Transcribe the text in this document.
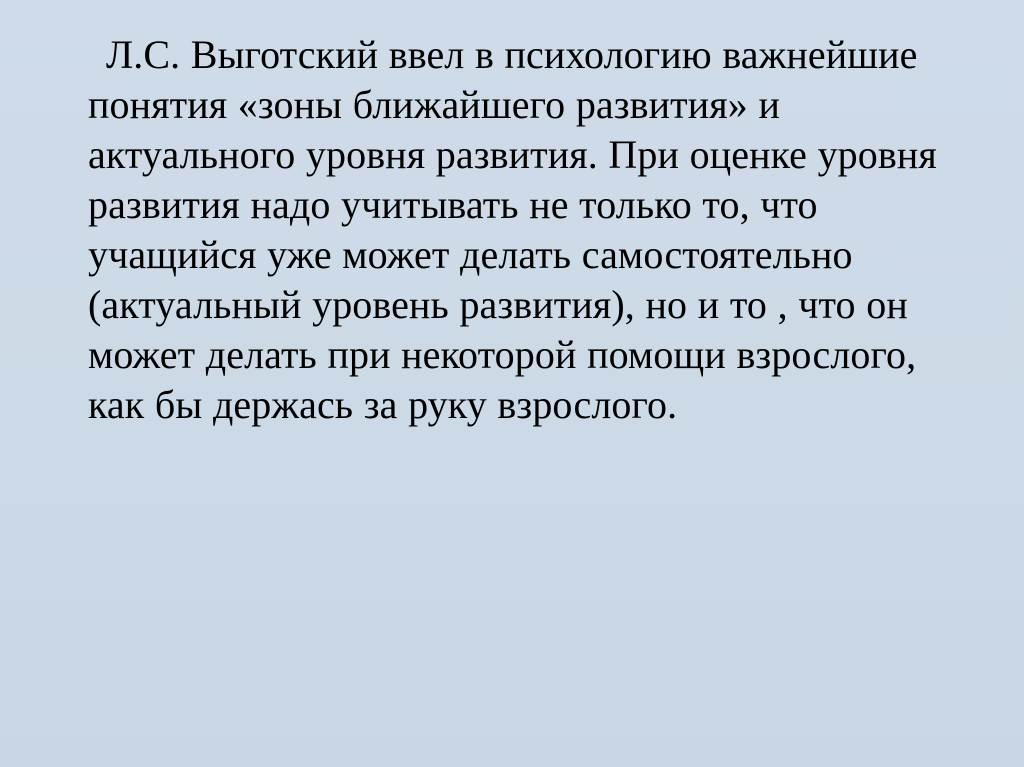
Л.С. Выготский ввел в психологию важнейшие понятия «зоны ближайшего развития» и актуального уровня развития. При оценке уровня развития надо учитывать не только то, что учащийся уже может делать самостоятельно (актуальный уровень развития), но и то , что он может делать при некоторой помощи взрослого, как бы держась за руку взрослого.
